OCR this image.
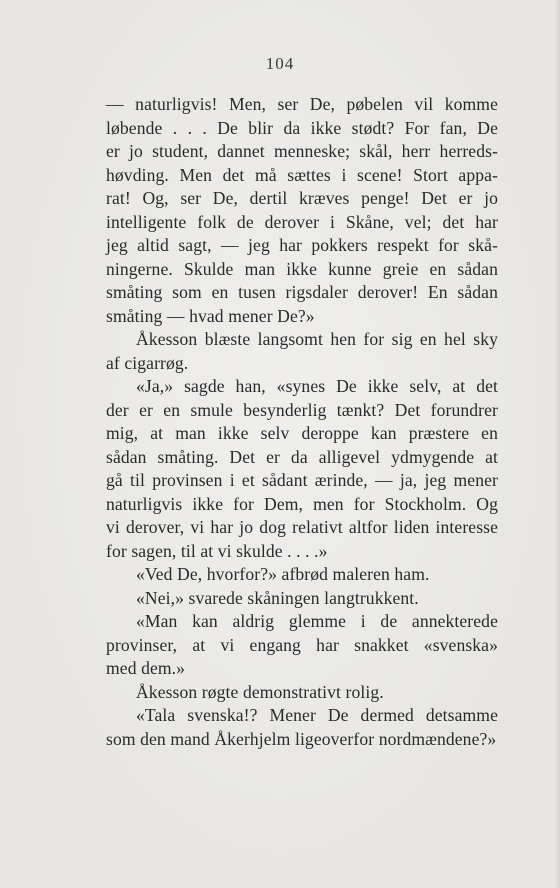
104
— naturligvis! Men, ser De, pøbelen vil komme
løbende . . . De blir da ikke stødt? For fan, De
er jo student, dannet menneske; skål, herr herreds-
høvding. Men det må sættes i scene! Stort appa-
rat! Og, ser De, dertil kræves penge! Det er jo
intelligente folk de derover i Skåne, vel; det har
jeg altid sagt, — jeg har pokkers respekt for skå-
ningerne. Skulde man ikke kunne greie en sådan
småting som en tusen rigsdaler derover! En sådan
småting — hvad mener De?»
Åkesson blæste langsomt hen for sig en hel sky
af cigarrøg.
«Ja,» sagde han, «synes De ikke selv, at det
der er en smule besynderlig tænkt? Det forundrer
mig, at man ikke selv deroppe kan præstere en
sådan småting. Det er da alligevel ydmygende at
gå til provinsen i et sådant ærinde, — ja, jeg mener
naturligvis ikke for Dem, men for Stockholm. Og
vi derover, vi har jo dog relativt altfor liden interesse
for sagen, til at vi skulde . . . .»
«Ved De, hvorfor?» afbrød maleren ham.
«Nei,» svarede skåningen langtrukkent.
«Man kan aldrig glemme i de annekterede
provinser, at vi engang har snakket «svenska»
med dem.»
Åkesson røgte demonstrativt rolig.
«Tala svenska!? Mener De dermed detsamme
som den mand Åkerhjelm ligeoverfor nordmændene?»
